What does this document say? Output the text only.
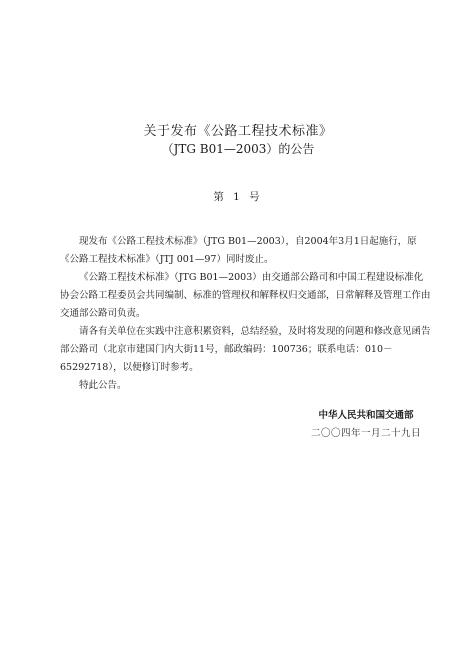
关于发布《公路工程技术标准》
（JTG B01—2003）的公告
第 1 号

现发布《公路工程技术标准》（JTG B01—2003），自2004年3月1日起施行，原《公路工程技术标准》（JTJ 001—97）同时废止。

《公路工程技术标准》（JTG B01—2003）由交通部公路司和中国工程建设标准化协会公路工程委员会共同编制、标准的管理权和解释权归交通部，日常解释及管理工作由交通部公路司负责。

请各有关单位在实践中注意积累资料，总结经验，及时将发现的问题和修改意见函告部公路司（北京市建国门内大街11号，邮政编码：100736；联系电话：010－65292718），以便修订时参考。

特此公告。

中华人民共和国交通部
二〇〇四年一月二十九日
